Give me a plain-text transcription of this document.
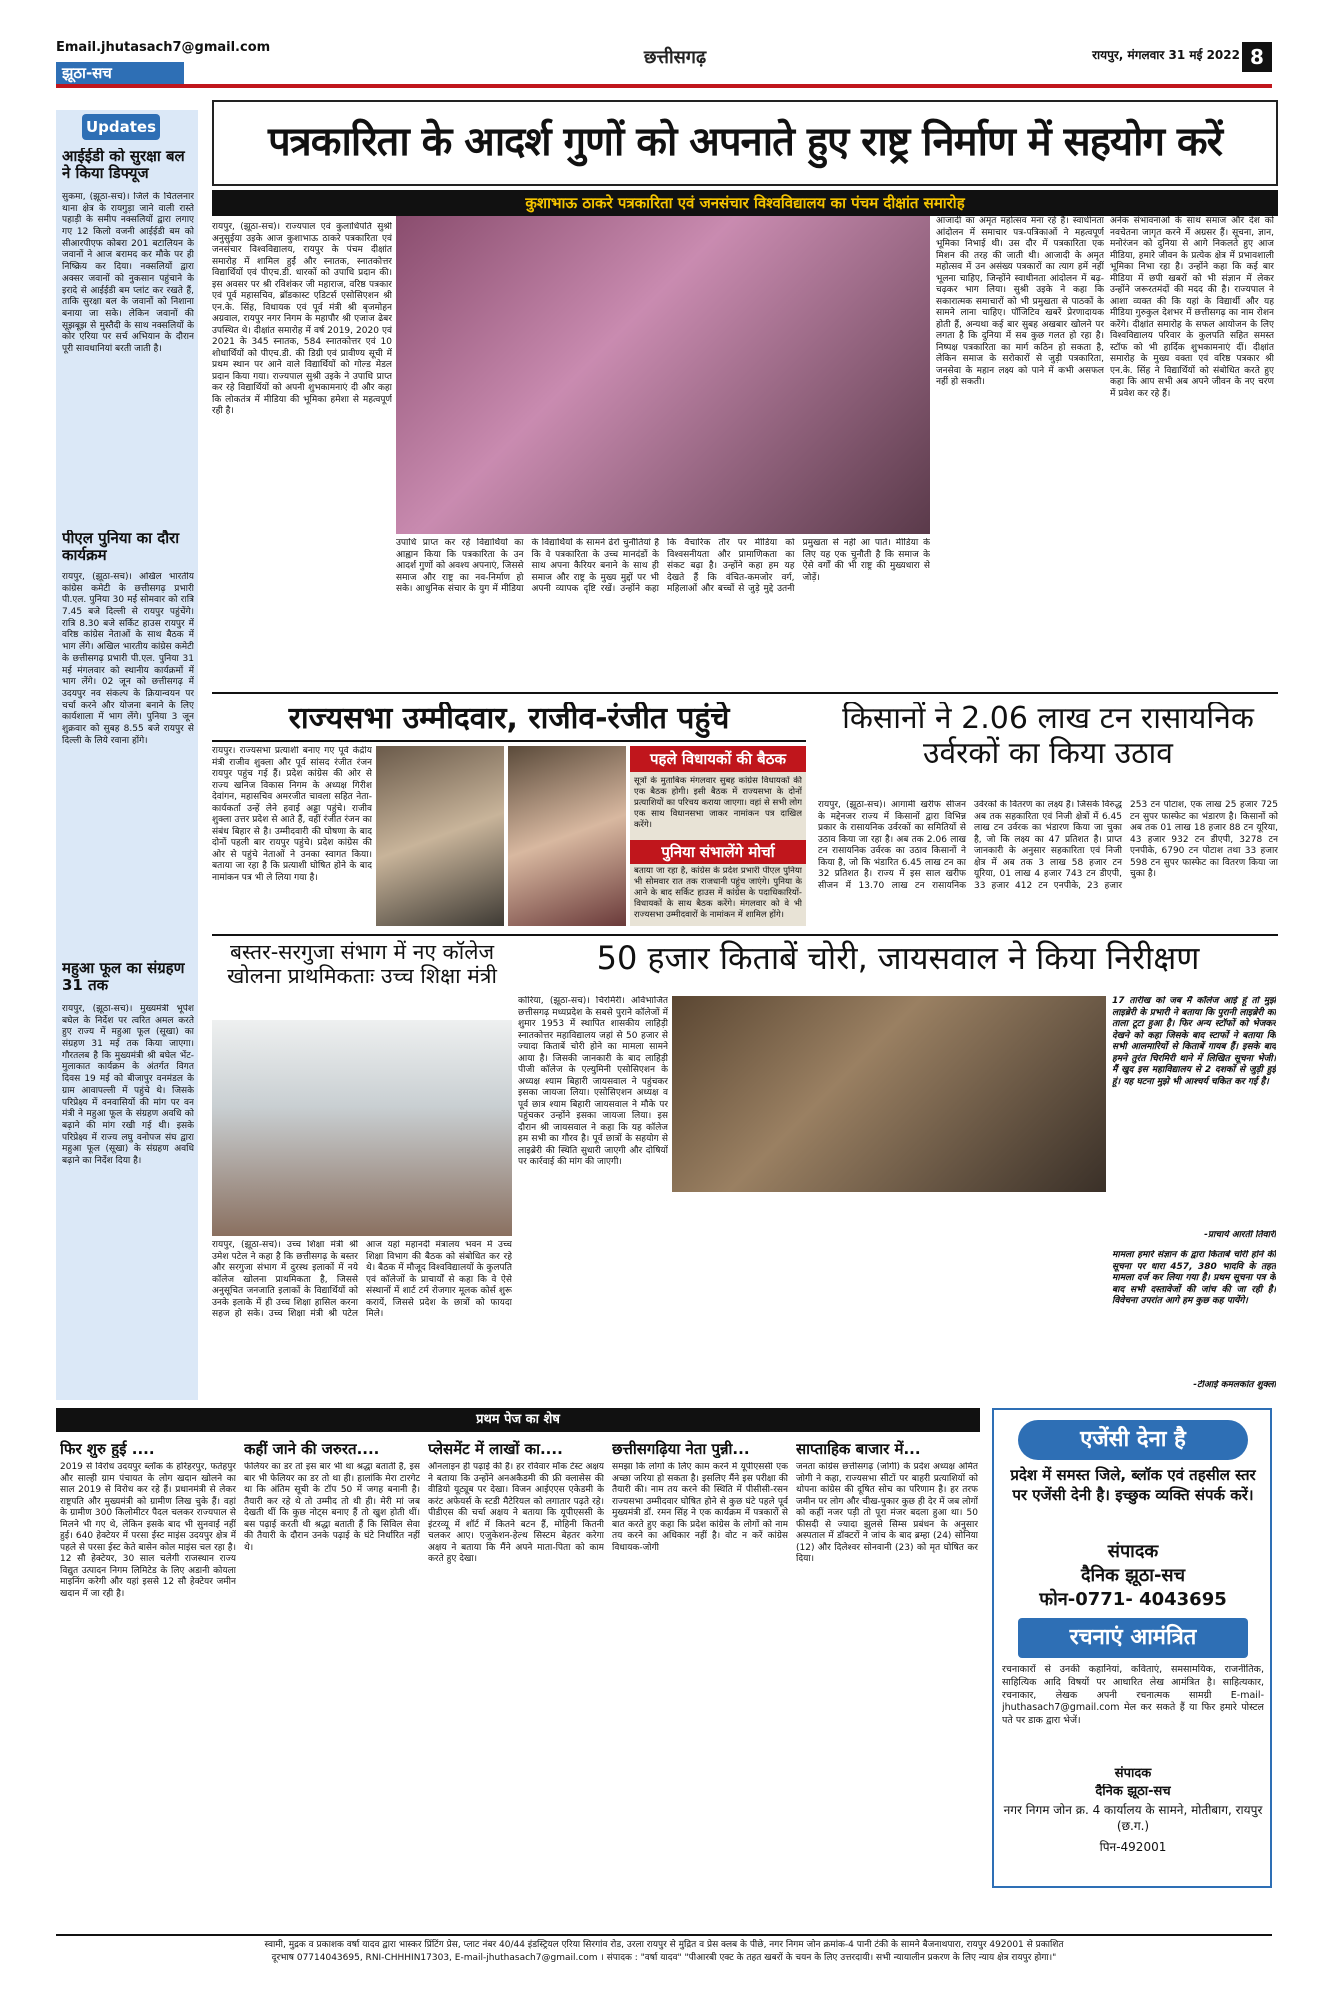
Email.jhutasach7@gmail.com
झूठा-सच
छत्तीसगढ़	रायपुर, मंगलवार 31 मई 2022 8
Updates
आईईडी को सुरक्षा बल ने किया डिफ्यूज
सुकमा, (झूठा-सच)। जिले के चिंतलनार थाना क्षेत्र के रायगुड़ा जाने वाली रास्ते पहाड़ी के समीप नक्सलियों द्वारा लगाए गए 12 किलो वजनी आईईडी बम को सीआरपीएफ कोबरा 201 बटालियन के जवानों ने आज बरामद कर मौके पर ही निष्क्रिय कर दिया। नक्सलियों द्वारा अक्सर जवानों को नुकसान पहुंचाने के इरादे से आईईडी बम प्लांट कर रखते हैं, ताकि सुरक्षा बल के जवानों को निशाना बनाया जा सके। लेकिन जवानों की सूझबूझ से मुस्तैदी के साथ नक्सलियों के कोर एरिया पर सर्च अभियान के दौरान पूरी सावधानियां बरती जाती है।
पीएल पुनिया का दौरा कार्यक्रम
रायपुर, (झूठा-सच)। अखिल भारतीय कांग्रेस कमेटी के छत्तीसगढ़ प्रभारी पी.एल. पुनिया 30 मई सोमवार को रात्रि 7.45 बजे दिल्ली से रायपुर पहुंचेंगे। रात्रि 8.30 बजे सर्किट हाउस रायपुर में वरिष्ठ कांग्रेस नेताओं के साथ बैठक में भाग लेंगे। अखिल भारतीय कांग्रेस कमेटी के छत्तीसगढ़ प्रभारी पी.एल. पुनिया 31 मई मंगलवार को स्थानीय कार्यक्रमों में भाग लेंगे। 02 जून को छत्तीसगढ़ में उदयपुर नव संकल्प के क्रियान्वयन पर चर्चा करने और योजना बनाने के लिए कार्यशाला में भाग लेंगे। पुनिया 3 जून शुक्रवार को सुबह 8.55 बजे रायपुर से दिल्ली के लिये रवाना होंगे।
महुआ फूल का संग्रहण 31 तक
रायपुर, (झूठा-सच)। मुख्यमंत्री भूपेश बघेल के निर्देश पर त्वरित अमल करते हुए राज्य में महुआ फूल (सूखा) का संग्रहण 31 मई तक किया जाएगा। गौरतलब है कि मुख्यमंत्री श्री बघेल भेंट-मुलाकात कार्यक्रम के अंतर्गत विगत दिवस 19 मई को बीजापुर वनमंडल के ग्राम आवापल्ली में पहुंचे थे। जिसके परिप्रेक्ष्य में वनवासियों की मांग पर वन मंत्री ने महुआ फूल के संग्रहण अवधि को बढ़ाने की मांग रखी गई थी। इसके परिप्रेक्ष्य में राज्य लघु वनोपज संघ द्वारा महुआ फूल (सूखा) के संग्रहण अवधि बढ़ाने का निर्देश दिया है।
पत्रकारिता के आदर्श गुणों को अपनाते हुए राष्ट्र निर्माण में सहयोग करें
कुशाभाऊ ठाकरे पत्रकारिता एवं जनसंचार विश्वविद्यालय का पंचम दीक्षांत समारोह
रायपुर, (झूठा-सच)। राज्यपाल एवं कुलाधिपति सुश्री अनुसुईया उइके आज कुशाभाऊ ठाकरे पत्रकारिता एवं जनसंचार विश्वविद्यालय, रायपुर के पंचम दीक्षांत समारोह में शामिल हुईं और स्नातक, स्नातकोत्तर विद्यार्थियों एवं पीएच.डी. धारकों को उपाधि प्रदान की। इस अवसर पर श्री रविशंकर जी महाराज, वरिष्ठ पत्रकार एवं पूर्व महासचिव, ब्रॉडकास्ट एडिटर्स एसोसिएशन श्री एन.के. सिंह, विधायक एवं पूर्व मंत्री श्री बृजमोहन अग्रवाल, रायपुर नगर निगम के महापौर श्री एजाज ढेबर उपस्थित थे। दीक्षांत समारोह में वर्ष 2019, 2020 एवं 2021 के 345 स्नातक, 584 स्नातकोत्तर एवं 10 शोधार्थियों को पीएच.डी. की डिग्री एवं प्रावीण्य सूची में प्रथम स्थान पर आने वाले विद्यार्थियों को गोल्ड मेडल प्रदान किया गया। राज्यपाल सुश्री उइके ने उपाधि प्राप्त कर रहे विद्यार्थियों को अपनी शुभकामनाएं दी और कहा कि लोकतंत्र में मीडिया की भूमिका हमेशा से महत्वपूर्ण रही है।
उपाधि प्राप्त कर रहे विद्यार्थियों का आह्वान किया कि पत्रकारिता के उन आदर्श गुणों को अवश्य अपनाएं, जिससे समाज और राष्ट्र का नव-निर्माण हो सके। आधुनिक संचार के युग में मीडिया के विद्यार्थियों के सामने ढेरों चुनौतियां है कि वे पत्रकारिता के उच्च मानदंडों के साथ अपना कैरियर बनाने के साथ ही समाज और राष्ट्र के मुख्य मुद्दों पर भी अपनी व्यापक दृष्टि रखें। उन्होंने कहा कि वैचारिक तौर पर मीडिया को विश्वसनीयता और प्रामाणिकता का संकट बढ़ा है। उन्होंने कहा हम यह देखते हैं कि वंचित-कमजोर वर्ग, महिलाओं और बच्चों से जुड़े मुद्दे उतनी प्रमुखता से नहीं आ पाते। मीडिया के लिए यह एक चुनौती है कि समाज के ऐसे वर्गों की भी राष्ट्र की मुख्यधारा से जोड़ें।
आजादी का अमृत महोत्सव मना रहे हैं। स्वाधीनता आंदोलन में समाचार पत्र-पत्रिकाओं ने महत्वपूर्ण भूमिका निभाई थी। उस दौर में पत्रकारिता एक मिशन की तरह की जाती थी। आजादी के अमृत महोत्सव में उन असंख्य पत्रकारों का त्याग हमें नहीं भूलना चाहिए, जिन्होंने स्वाधीनता आंदोलन में बढ़-चढ़कर भाग लिया। सुश्री उइके ने कहा कि सकारात्मक समाचारों को भी प्रमुखता से पाठकों के सामने लाना चाहिए। पॉजिटिव खबरें प्रेरणादायक होती हैं, अन्यथा कई बार सुबह अखबार खोलने पर लगता है कि दुनिया में सब कुछ गलत हो रहा है। निष्पक्ष पत्रकारिता का मार्ग कठिन हो सकता है, लेकिन समाज के सरोकारों से जुड़ी पत्रकारिता, जनसेवा के महान लक्ष्य को पाने में कभी असफल नहीं हो सकती।
अनेक संभावनाओं के साथ समाज और देश को नवचेतना जागृत करने में अग्रसर हैं। सूचना, ज्ञान, मनोरंजन को दुनिया से आगे निकलते हुए आज मीडिया, हमारे जीवन के प्रत्येक क्षेत्र में प्रभावशाली भूमिका निभा रहा है। उन्होंने कहा कि कई बार मीडिया में छपी खबरों को भी संज्ञान में लेकर उन्होंने जरूरतमंदों की मदद की है। राज्यपाल ने आशा व्यक्त की कि यहां के विद्यार्थी और यह मीडिया गुरुकुल देशभर में छत्तीसगढ़ का नाम रोशन करेंगे। दीक्षांत समारोह के सफल आयोजन के लिए विश्वविद्यालय परिवार के कुलपति सहित समस्त स्टॉफ को भी हार्दिक शुभकामनाएं दीं। दीक्षांत समारोह के मुख्य वक्ता एवं वरिष्ठ पत्रकार श्री एन.के. सिंह ने विद्यार्थियों को संबोधित करते हुए कहा कि आप सभी अब अपने जीवन के नए चरण में प्रवेश कर रहे हैं।
राज्यसभा उम्मीदवार, राजीव-रंजीत पहुंचे
रायपुर। राज्यसभा प्रत्याशी बनाए गए पूर्व केंद्रीय मंत्री राजीव शुक्ला और पूर्व सांसद रंजीत रंजन रायपुर पहुंच गई हैं। प्रदेश कांग्रेस की ओर से राज्य खनिज विकास निगम के अध्यक्ष गिरीश देवांगन, महासचिव अमरजीत चावला सहित नेता-कार्यकर्ता उन्हें लेने हवाई अड्डा पहुंचे। राजीव शुक्ला उत्तर प्रदेश से आते हैं, वहीं रंजीत रंजन का संबंध बिहार से है। उम्मीदवारी की घोषणा के बाद दोनों पहली बार रायपुर पहुंचे। प्रदेश कांग्रेस की ओर से पहुंचे नेताओं ने उनका स्वागत किया। बताया जा रहा है कि प्रत्याशी घोषित होने के बाद नामांकन पत्र भी ले लिया गया है।
पहले विधायकों की बैठक
सूत्रों के मुताबिक मंगलवार सुबह कांग्रेस विधायकों की एक बैठक होगी। इसी बैठक में राज्यसभा के दोनों प्रत्याशियों का परिचय कराया जाएगा। वहां से सभी लोग एक साथ विधानसभा जाकर नामांकन पत्र दाखिल करेंगे।
पुनिया संभालेंगे मोर्चा
बताया जा रहा है, कांग्रेस के प्रदेश प्रभारी पीएल पुनिया भी सोमवार रात तक राजधानी पहुंच जाएंगे। पुनिया के आने के बाद सर्किट हाउस में कांग्रेस के पदाधिकारियों-विधायकों के साथ बैठक करेंगे। मंगलवार को वे भी राज्यसभा उम्मीदवारों के नामांकन में शामिल होंगे।
किसानों ने 2.06 लाख टन रासायनिक उर्वरकों का किया उठाव
रायपुर, (झूठा-सच)। आगामी खरीफ सीजन के मद्देनजर राज्य में किसानों द्वारा विभिन्न प्रकार के रासायनिक उर्वरकों का समितियों से उठाव किया जा रहा है। अब तक 2.06 लाख टन रासायनिक उर्वरक का उठाव किसानों ने किया है, जो कि भंडारित 6.45 लाख टन का 32 प्रतिशत है। राज्य में इस साल खरीफ सीजन में 13.70 लाख टन रासायनिक उर्वरकों के वितरण का लक्ष्य है। जिसके विरुद्ध अब तक सहकारिता एवं निजी क्षेत्रों में 6.45 लाख टन उर्वरक का भंडारण किया जा चुका है, जो कि लक्ष्य का 47 प्रतिशत है। प्राप्त जानकारी के अनुसार सहकारिता एवं निजी क्षेत्र में अब तक 3 लाख 58 हजार टन यूरिया, 01 लाख 4 हजार 743 टन डीएपी, 33 हजार 412 टन एनपीके, 23 हजार 253 टन पोटाश, एक लाख 25 हजार 725 टन सुपर फास्फेट का भंडारण है। किसानों को अब तक 01 लाख 18 हजार 88 टन यूरिया, 43 हजार 932 टन डीएपी, 3278 टन एनपीके, 6790 टन पोटाश तथा 33 हजार 598 टन सुपर फास्फेट का वितरण किया जा चुका है।
बस्तर-सरगुजा संभाग में नए कॉलेज खोलना प्राथमिकताः उच्च शिक्षा मंत्री
रायपुर, (झूठा-सच)। उच्च शिक्षा मंत्री श्री उमेश पटेल ने कहा है कि छत्तीसगढ़ के बस्तर और सरगुजा संभाग में दुरस्थ इलाकों में नये कॉलेज खोलना प्राथमिकता है, जिससे अनुसूचित जनजाति इलाकों के विद्यार्थियों को उनके इलाके में ही उच्च शिक्षा हासिल करना सहज हो सके। उच्च शिक्षा मंत्री श्री पटेल आज यहां महानदी मंत्रालय भवन में उच्च शिक्षा विभाग की बैठक को संबोधित कर रहे थे। बैठक में मौजूद विश्वविद्यालयों के कुलपति एवं कॉलेजों के प्राचार्यों से कहा कि वे ऐसे संस्थानों में शार्ट टर्म रोजगार मूलक कोर्स शुरू करायें, जिससे प्रदेश के छात्रों को फायदा मिले।
50 हजार किताबें चोरी, जायसवाल ने किया निरीक्षण
कोरिया, (झूठा-सच)। चिरमिरी। अविभाजित छत्तीसगढ़ मध्यप्रदेश के सबसे पुराने कॉलेजों में शुमार 1953 में स्थापित शासकीय लाहिड़ी स्नातकोत्तर महाविद्यालय जहां से 50 हजार से ज्यादा किताबें चोरी होने का मामला सामने आया है। जिसकी जानकारी के बाद लाहिड़ी पीजी कॉलेज के एल्युमिनी एसोसिएशन के अध्यक्ष श्याम बिहारी जायसवाल ने पहुंचकर इसका जायजा लिया। एसोसिएशन अध्यक्ष व पूर्व छात्र श्याम बिहारी जायसवाल ने मौके पर पहुंचकर उन्होंने इसका जायजा लिया। इस दौरान श्री जायसवाल ने कहा कि यह कॉलेज हम सभी का गौरव है। पूर्व छात्रों के सहयोग से लाइब्रेरी की स्थिति सुधारी जाएगी और दोषियों पर कार्रवाई की मांग की जाएगी।
17 तारीख को जब मैं कॉलेज आई हूं तो मुझे लाइब्रेरी के प्रभारी ने बताया कि पुरानी लाइब्रेरी का ताला टूटा हुआ है। फिर अन्य स्टॉफों को भेजकर देखने को कहा जिसके बाद स्टाफों ने बताया कि सभी आलमारियों से किताबें गायब हैं। इसके बाद हमने तुरंत चिरमिरी थाने में लिखित सूचना भेजी। मैं खुद इस महाविद्यालय से 2 दशकों से जुड़ी हुई हूं। यह घटना मुझे भी आश्चर्य चकित कर गई है।
-प्राचार्य आरती तिवारी
मामला हमारे संज्ञान के द्वारा किताबें चोरी होने की सूचना पर धारा 457, 380 भादवि के तहत मामला दर्ज कर लिया गया है। प्रथम सूचना पत्र के बाद सभी दस्तावेजों की जांच की जा रही है। विवेचना उपरांत आगे हम कुछ कह पायेंगे।
-टीआई कमलकांत शुक्ला
प्रथम पेज का शेष
फिर शुरु हुई ....
2019 से विरोध उदयपुर ब्लॉक के हरिहरपुर, फतेहपुर और साल्ही ग्राम पंचायत के लोग खदान खोलने का साल 2019 से विरोध कर रहे हैं। प्रधानमंत्री से लेकर राष्ट्रपति और मुख्यमंत्री को ग्रामीण लिख चुके हैं। वहां के ग्रामीण 300 किलोमीटर पैदल चलकर राज्यपाल से मिलने भी गए थे, लेकिन इसके बाद भी सुनवाई नहीं हुई। 640 हेक्टेयर में परसा ईस्ट माइंस उदयपुर क्षेत्र में पहले से परसा ईस्ट केते बासेन कोल माइंस चल रहा है। 12 सौ हेक्टेयर, 30 साल चलेगी राजस्थान राज्य विद्युत उत्पादन निगम लिमिटेड के लिए अडानी कोयला माइनिंग करेगी और यहां इससे 12 सौ हेक्टेयर जमीन खदान में जा रही है।
कहीं जाने की जरुरत....
फेलियर का डर तो इस बार भी था श्रद्धा बताती हैं, इस बार भी फेलियर का डर तो था ही। हालांकि मेरा टारगेट था कि अंतिम सूची के टॉप 50 में जगह बनानी है। तैयारी कर रहे थे तो उम्मीद तो थी ही। मेरी मां जब देखती थीं कि कुछ नोट्स बनाए हैं तो खुश होती थीं। बस पढ़ाई करती थी श्रद्धा बताती हैं कि सिविल सेवा की तैयारी के दौरान उनके पढ़ाई के घंटे निर्धारित नहीं थे।
प्लेसमेंट में लाखों का....
ऑनलाइन ही पढ़ाई की है। हर रविवार मॉक टेस्ट अक्षय ने बताया कि उन्होंने अनअकैडमी की फ्री क्लासेस की वीडियो यूट्यूब पर देखा। विजन आईएएस एकेडमी के करंट अफेयर्स के स्टडी मैटेरियल को लगातार पढ़ते रहे। पीडीएस की चर्चा अक्षय ने बताया कि यूपीएससी के इंटरव्यू में शॉर्ट में कितने बटन हैं, मोहिनी कितनी चलकर आए। एजुकेशन-हेल्थ सिस्टम बेहतर करेगा अक्षय ने बताया कि मैंने अपने माता-पिता को काम करते हुए देखा।
छत्तीसगढ़िया नेता पुन्नी...
समझा कि लोगों के लिए काम करने में यूपीएससी एक अच्छा जरिया हो सकता है। इसलिए मैंने इस परीक्षा की तैयारी की। नाम तय करने की स्थिति में पीसीसी-रसन राज्यसभा उम्मीदवार घोषित होने से कुछ घंटे पहले पूर्व मुख्यमंत्री डॉ. रमन सिंह ने एक कार्यक्रम में पत्रकारों से बात करते हुए कहा कि प्रदेश कांग्रेस के लोगों को नाम तय करने का अधिकार नहीं है। वोट न करें कांग्रेस विधायक-जोगी
साप्ताहिक बाजार में...
जनता कांग्रेस छत्तीसगढ़ (जोगी) के प्रदेश अध्यक्ष अमित जोगी ने कहा, राज्यसभा सीटों पर बाहरी प्रत्याशियों को थोपना कांग्रेस की दूषित सोच का परिणाम है। हर तरफ जमीन पर लोग और चीख-पुकार कुछ ही देर में जब लोगों को कहीं नजर पड़ी तो पूरा मंजर बदला हुआ था। 50 फीसदी से ज्यादा झुलसे सिम्स प्रबंधन के अनुसार अस्पताल में डॉक्टरों ने जांच के बाद ब्रम्हा (24) सोनिया (12) और दिलेश्वर सोनवानी (23) को मृत घोषित कर दिया।
एजेंसी देना है
प्रदेश में समस्त जिले, ब्लॉक एवं तहसील स्तर पर एजेंसी देनी है। इच्छुक व्यक्ति संपर्क करें।
संपादक
दैनिक झूठा-सच
फोन-0771- 4043695
रचनाएं आमंत्रित
रचनाकारों से उनकी कहानियां, कविताएं, समसामयिक, राजनीतिक, साहित्यिक आदि विषयों पर आधारित लेख आमंत्रित है। साहित्यकार, रचनाकार, लेखक अपनी रचनात्मक सामग्री E-mail-jhuthasach7@gmail.com मेल कर सकते हैं या फिर हमारे पोस्टल पते पर डाक द्वारा भेजें।
संपादक
दैनिक झूठा-सच
नगर निगम जोन क्र. 4 कार्यालय के सामने, मोतीबाग, रायपुर (छ.ग.)
पिन-492001
स्वामी, मुद्रक व प्रकाशक वर्षा यादव द्वारा भास्कर प्रिंटिंग प्रेस, प्लाट नंबर 40/44 इंडस्ट्रियल एरिया सिरगांव रोड, उरला रायपुर से मुद्रित व प्रेस क्लब के पीछे, नगर निगम जोन क्रमांक-4 पानी टंकी के सामने बैजनाथपारा, रायपुर 492001 से प्रकाशित
दूरभाष 07714043695, RNI-CHHHIN17303, E-mail-jhuthasach7@gmail.com । संपादक : "वर्षा यादव" "पीआरबी एक्ट के तहत खबरों के चयन के लिए उत्तरदायी। सभी न्यायालीन प्रकरण के लिए न्याय क्षेत्र रायपुर होगा।"
